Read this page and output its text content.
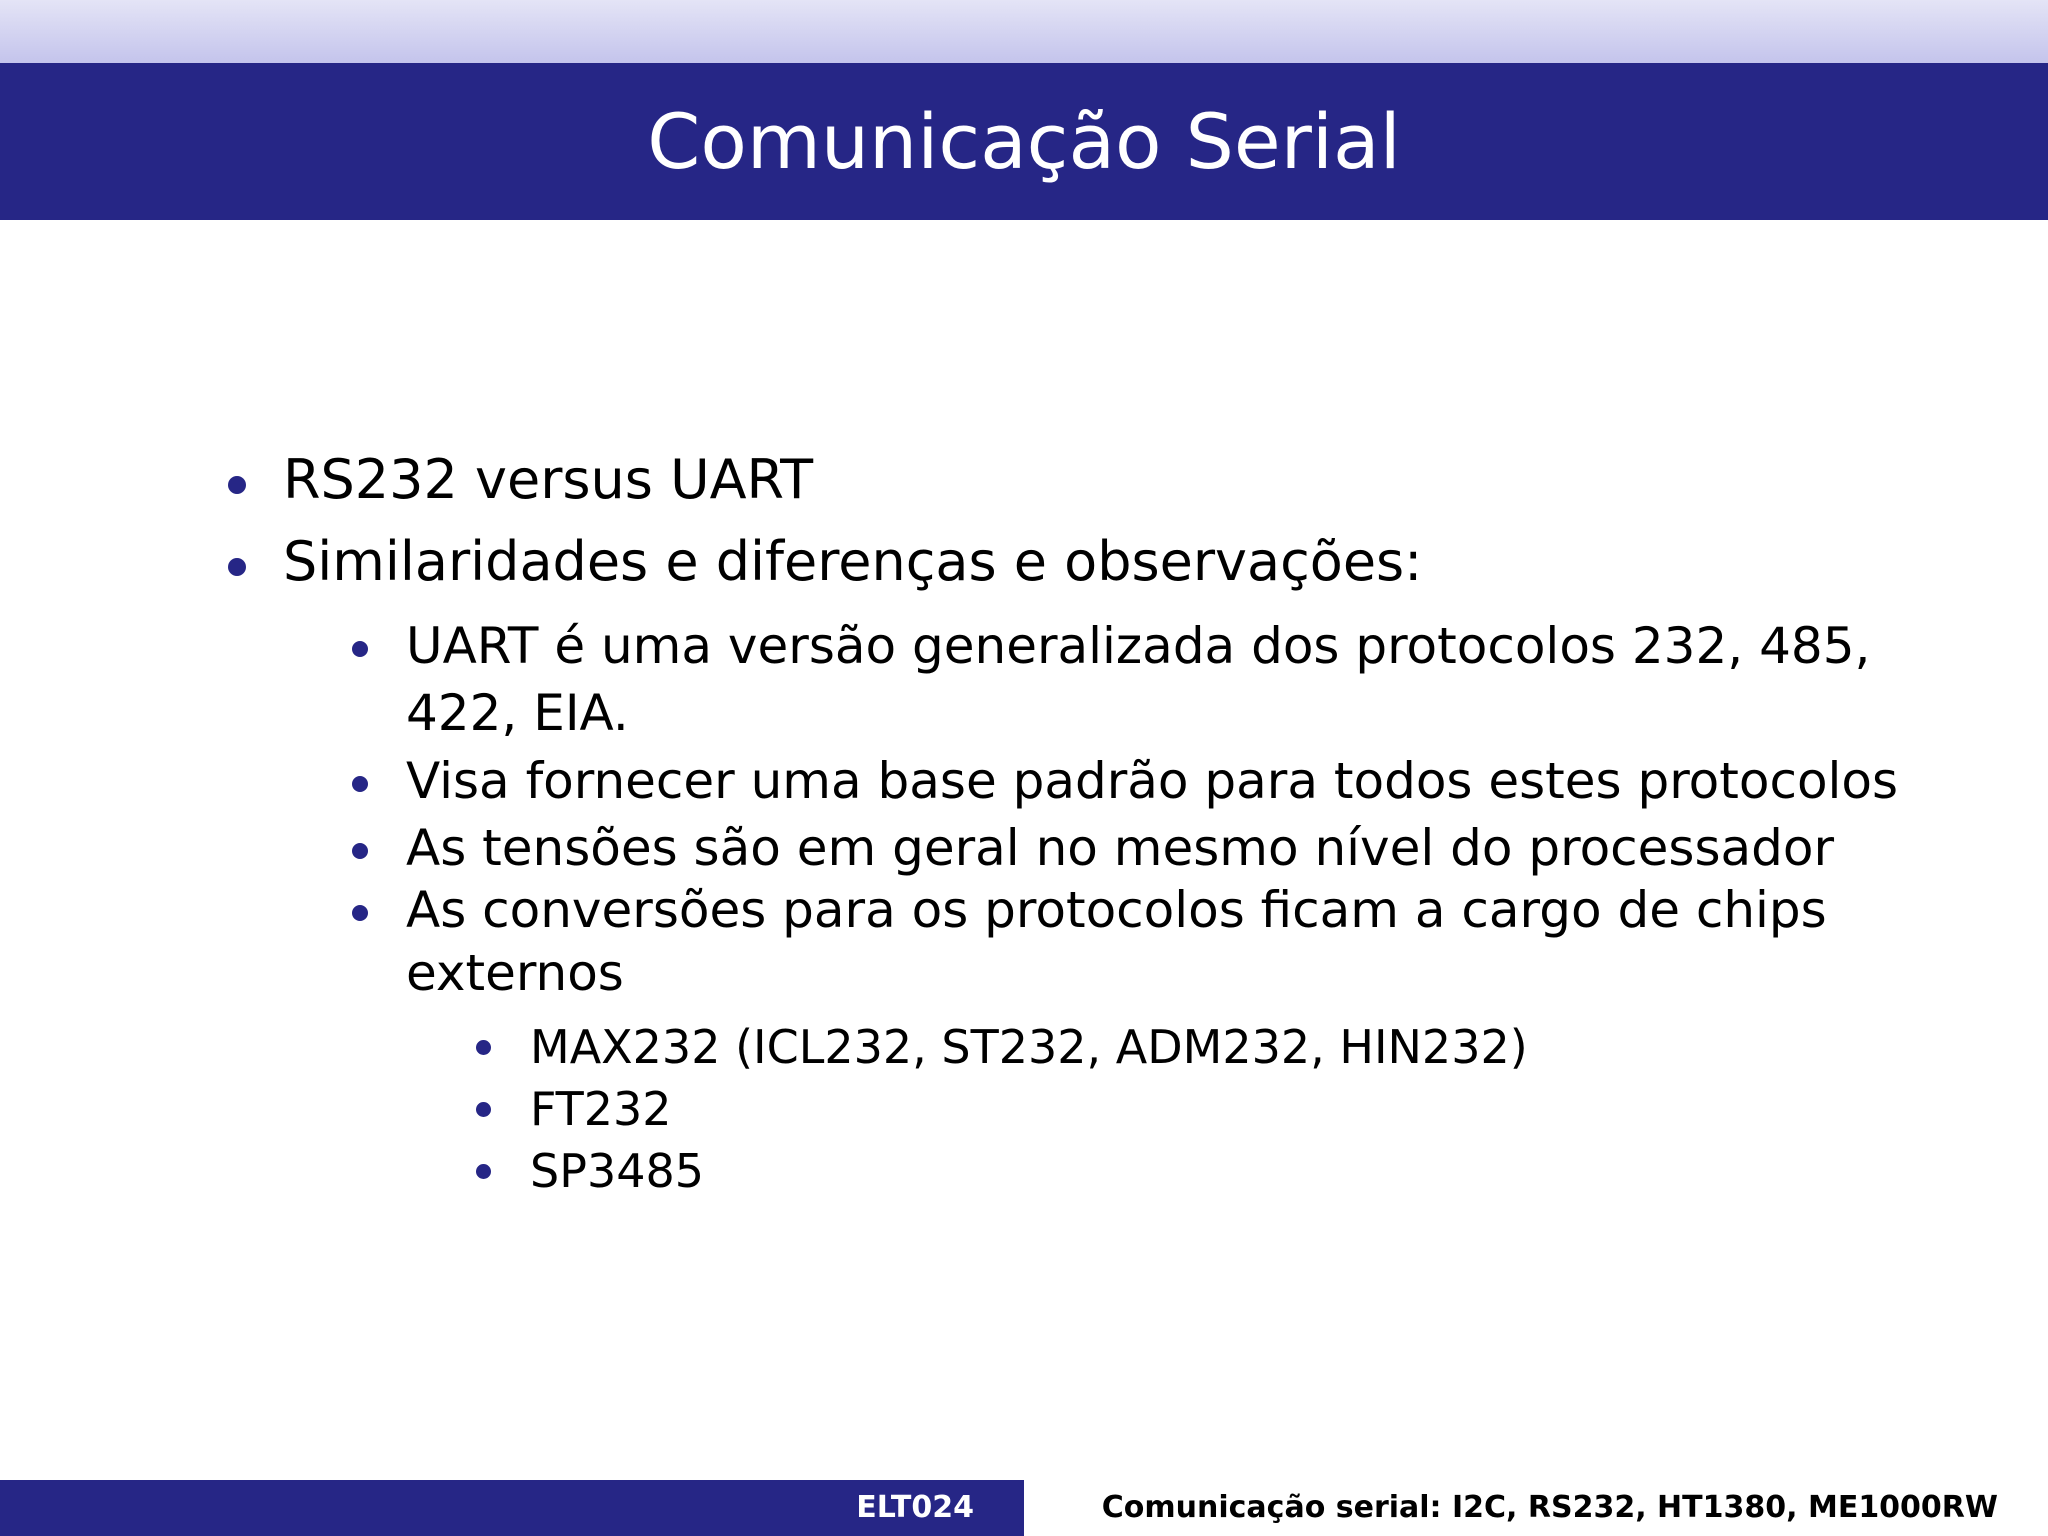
Comunicação Serial
RS232 versus UART
Similaridades e diferenças e observações:
UART é uma versão generalizada dos protocolos 232, 485,
422, EIA.
Visa fornecer uma base padrão para todos estes protocolos
As tensões são em geral no mesmo nível do processador
As conversões para os protocolos ficam a cargo de chips
externos
MAX232 (ICL232, ST232, ADM232, HIN232)
FT232
SP3485
ELT024	Comunicação serial: I2C, RS232, HT1380, ME1000RW
